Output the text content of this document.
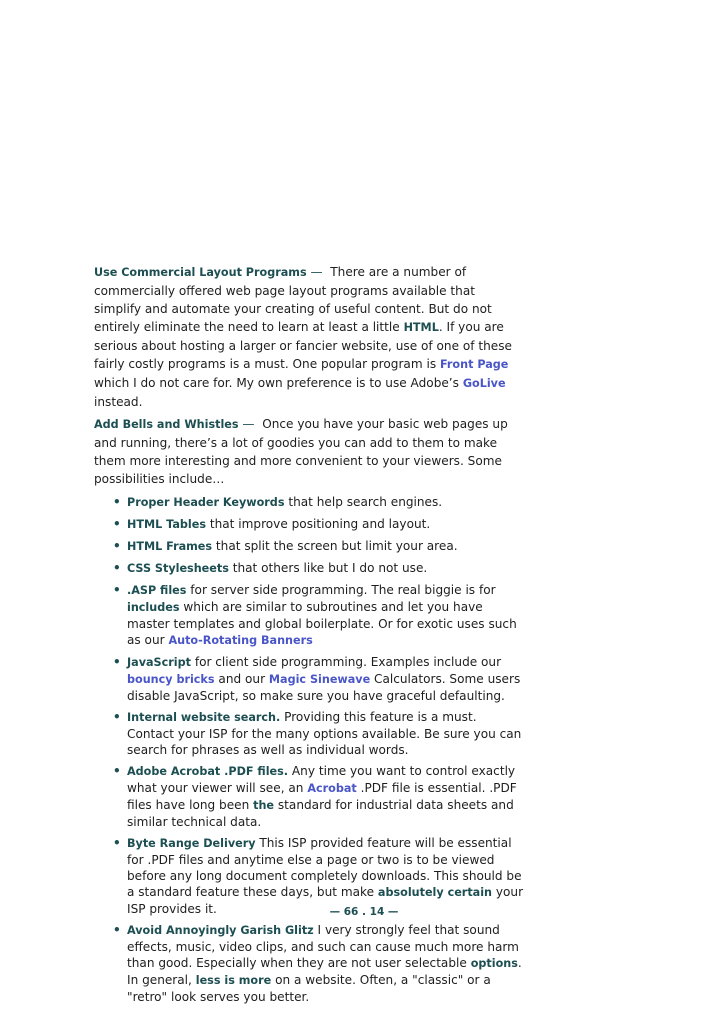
Use Commercial Layout Programs — There are a number of commercially offered web page layout programs available that simplify and automate your creating of useful content. But do not entirely eliminate the need to learn at least a little HTML. If you are serious about hosting a larger or fancier website, use of one of these fairly costly programs is a must. One popular program is Front Page which I do not care for. My own preference is to use Adobe’s GoLive instead.

Add Bells and Whistles — Once you have your basic web pages up and running, there’s a lot of goodies you can add to them to make them more interesting and more convenient to your viewers. Some possibilities include…

• Proper Header Keywords that help search engines.
• HTML Tables that improve positioning and layout.
• HTML Frames that split the screen but limit your area.
• CSS Stylesheets that others like but I do not use.
• .ASP files for server side programming. The real biggie is for includes which are similar to subroutines and let you have master templates and global boilerplate. Or for exotic uses such as our Auto-Rotating Banners
• JavaScript for client side programming. Examples include our bouncy bricks and our Magic Sinewave Calculators. Some users disable JavaScript, so make sure you have graceful defaulting.
• Internal website search. Providing this feature is a must. Contact your ISP for the many options available. Be sure you can search for phrases as well as individual words.
• Adobe Acrobat .PDF files. Any time you want to control exactly what your viewer will see, an Acrobat .PDF file is essential. .PDF files have long been the standard for industrial data sheets and similar technical data.
• Byte Range Delivery This ISP provided feature will be essential for .PDF files and anytime else a page or two is to be viewed before any long document completely downloads. This should be a standard feature these days, but make absolutely certain your ISP provides it.
• Avoid Annoyingly Garish Glitz I very strongly feel that sound effects, music, video clips, and such can cause much more harm than good. Especially when they are not user selectable options. In general, less is more on a website. Often, a "classic" or a "retro" look serves you better.
— 66 . 14 —
